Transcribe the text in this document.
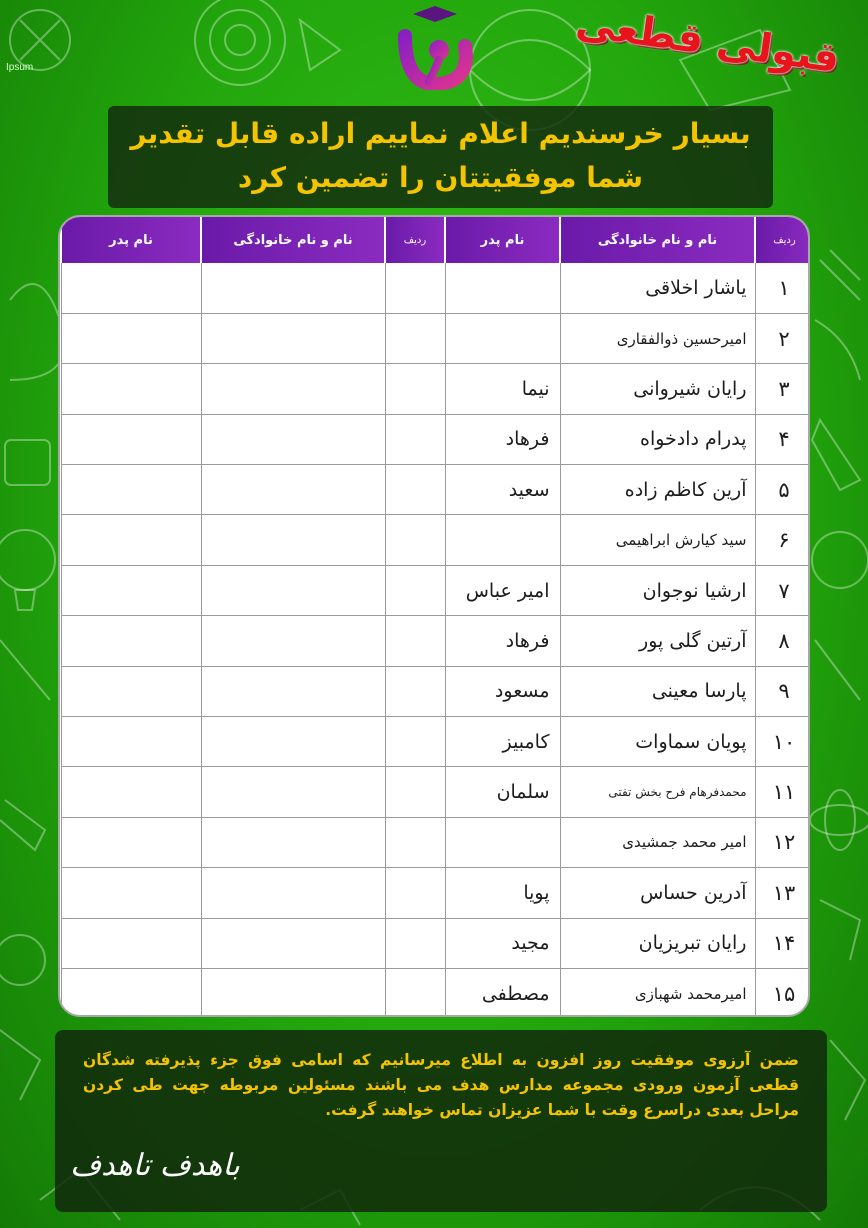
Ipsum	قبولی قطعی
بسیار خرسندیم اعلام نماییم اراده قابل تقدیر
شما موفقیتتان را تضمین کرد
ردیف	نام و نام خانوادگی	نام پدر	ردیف	نام و نام خانوادگی	نام پدر
۱	یاشار اخلاقی				
۲	امیرحسین ذوالفقاری				
۳	رایان شیروانی	نیما			
۴	پدرام دادخواه	فرهاد			
۵	آرین کاظم زاده	سعید			
۶	سید کیارش ابراهیمی				
۷	ارشیا نوجوان	امیر عباس			
۸	آرتین گلی پور	فرهاد			
۹	پارسا معینی	مسعود			
۱۰	پویان سماوات	کامبیز			
۱۱	محمدفرهام فرح بخش تفتی	سلمان			
۱۲	امیر محمد جمشیدی				
۱۳	آدرین حساس	پویا			
۱۴	رایان تبریزیان	مجید			
۱۵	امیرمحمد شهبازی	مصطفی			

ضمن آرزوی موفقیت روز افزون به اطلاع میرسانیم که اسامی فوق جزء پذیرفته شدگان قطعی آزمون ورودی مجموعه مدارس هدف می باشند مسئولین مربوطه جهت طی کردن مراحل بعدی دراسرع وقت با شما عزیزان تماس خواهند گرفت.

باهدف تاهدف
